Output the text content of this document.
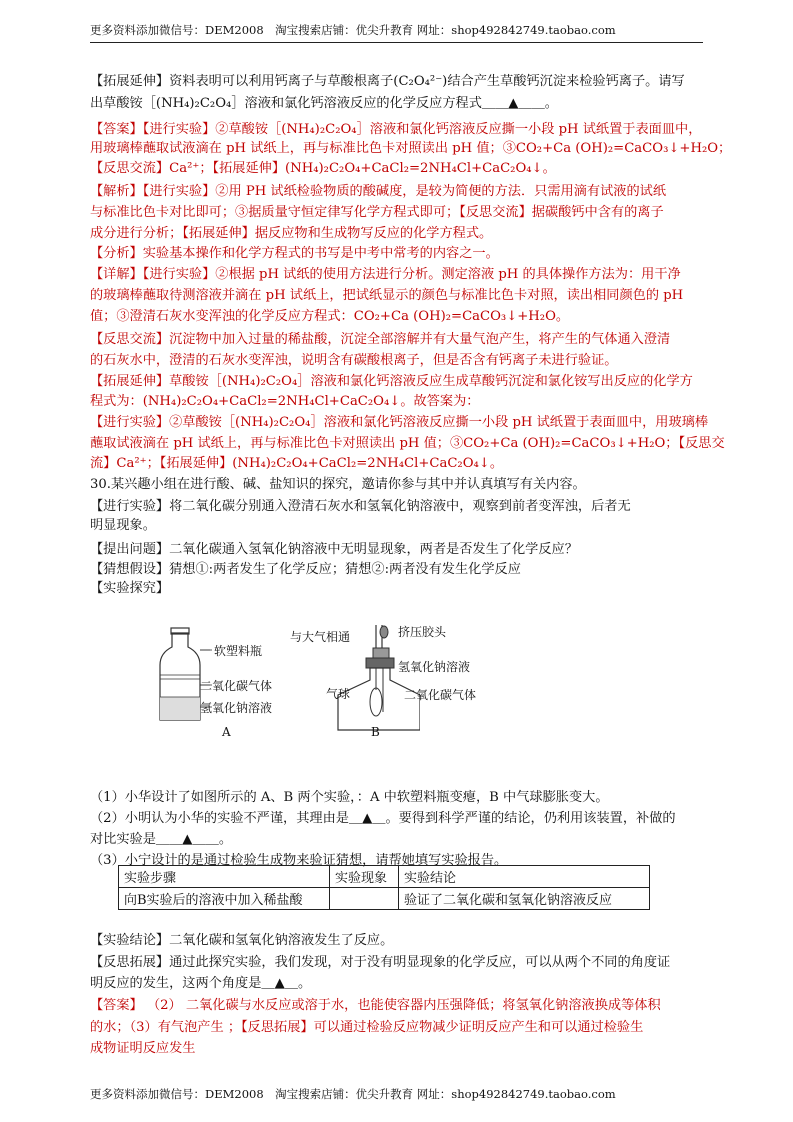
更多资料添加微信号：DEM2008　淘宝搜索店铺：优尖升教育 网址：shop492842749.taobao.com
【拓展延伸】资料表明可以利用钙离子与草酸根离子(C₂O₄²⁻)结合产生草酸钙沉淀来检验钙离子。请写
出草酸铵［(NH₄)₂C₂O₄］溶液和氯化钙溶液反应的化学反应方程式＿＿▲＿＿。
【答案】【进行实验】②草酸铵［(NH₄)₂C₂O₄］溶液和氯化钙溶液反应撕一小段 pH 试纸置于表面皿中，
用玻璃棒蘸取试液滴在 pH 试纸上，再与标准比色卡对照读出 pH 值；③CO₂+Ca (OH)₂=CaCO₃↓+H₂O；
【反思交流】Ca²⁺；【拓展延伸】(NH₄)₂C₂O₄+CaCl₂=2NH₄Cl+CaC₂O₄↓。
【解析】【进行实验】②用 PH 试纸检验物质的酸碱度，是较为简便的方法．只需用滴有试液的试纸
与标准比色卡对比即可；③据质量守恒定律写化学方程式即可；【反思交流】据碳酸钙中含有的离子
成分进行分析；【拓展延伸】据反应物和生成物写反应的化学方程式。
【分析】实验基本操作和化学方程式的书写是中考中常考的内容之一。
【详解】【进行实验】②根据 pH 试纸的使用方法进行分析。测定溶液 pH 的具体操作方法为：用干净
的玻璃棒蘸取待测溶液并滴在 pH 试纸上，把试纸显示的颜色与标准比色卡对照，读出相同颜色的 pH
值；③澄清石灰水变浑浊的化学反应方程式：CO₂+Ca (OH)₂=CaCO₃↓+H₂O。
【反思交流】沉淀物中加入过量的稀盐酸，沉淀全部溶解并有大量气泡产生，将产生的气体通入澄清
的石灰水中，澄清的石灰水变浑浊，说明含有碳酸根离子，但是否含有钙离子未进行验证。
【拓展延伸】草酸铵［(NH₄)₂C₂O₄］溶液和氯化钙溶液反应生成草酸钙沉淀和氯化铵写出反应的化学方
程式为：(NH₄)₂C₂O₄+CaCl₂=2NH₄Cl+CaC₂O₄↓。故答案为：
【进行实验】②草酸铵［(NH₄)₂C₂O₄］溶液和氯化钙溶液反应撕一小段 pH 试纸置于表面皿中，用玻璃棒
蘸取试液滴在 pH 试纸上，再与标准比色卡对照读出 pH 值；③CO₂+Ca (OH)₂=CaCO₃↓+H₂O；【反思交
流】Ca²⁺；【拓展延伸】(NH₄)₂C₂O₄+CaCl₂=2NH₄Cl+CaC₂O₄↓。
30.某兴趣小组在进行酸、碱、盐知识的探究，邀请你参与其中并认真填写有关内容。
【进行实验】将二氧化碳分别通入澄清石灰水和氢氧化钠溶液中，观察到前者变浑浊，后者无
明显现象。
【提出问题】二氧化碳通入氢氧化钠溶液中无明显现象，两者是否发生了化学反应？
【猜想假设】猜想①:两者发生了化学反应；猜想②:两者没有发生化学反应
【实验探究】
（1）小华设计了如图所示的 A、B 两个实验，：A 中软塑料瓶变瘪，B 中气球膨胀变大。
（2）小明认为小华的实验不严谨，其理由是＿▲＿。要得到科学严谨的结论，仍利用该装置，补做的
对比实验是＿＿▲＿＿。
（3）小宁设计的是通过检验生成物来验证猜想，请帮她填写实验报告。
【实验结论】二氧化碳和氢氧化钠溶液发生了反应。
【反思拓展】通过此探究实验，我们发现，对于没有明显现象的化学反应，可以从两个不同的角度证
明反应的发生，这两个角度是＿▲＿。
【答案】 （2） 二氧化碳与水反应或溶于水，也能使容器内压强降低；将氢氧化钠溶液换成等体积
的水；（3）有气泡产生 ；【反思拓展】可以通过检验反应物减少证明反应产生和可以通过检验生
成物证明反应发生
软塑料瓶
二氧化碳气体
氢氧化钠溶液
A
与大气相通	挤压胶头
氢氧化钠溶液
气球	二氧化碳气体
B
实验步骤	实验现象	实验结论
向B实验后的溶液中加入稀盐酸		验证了二氧化碳和氢氧化钠溶液反应
更多资料添加微信号：DEM2008　淘宝搜索店铺：优尖升教育 网址：shop492842749.taobao.com
